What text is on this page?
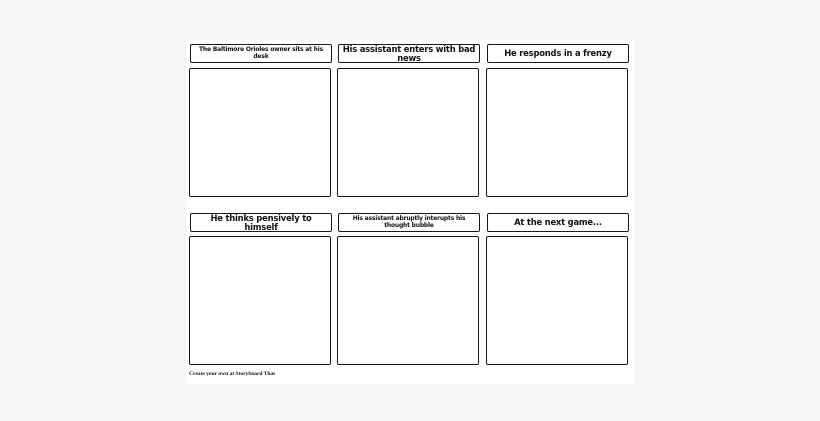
The Baltimore Orioles owner sits at his desk
His assistant enters with bad news	He responds in a frenzy
He thinks pensively to himself
His assistant abruptly interupts his thought bubble	At the next game...
Create your own at Storyboard That
